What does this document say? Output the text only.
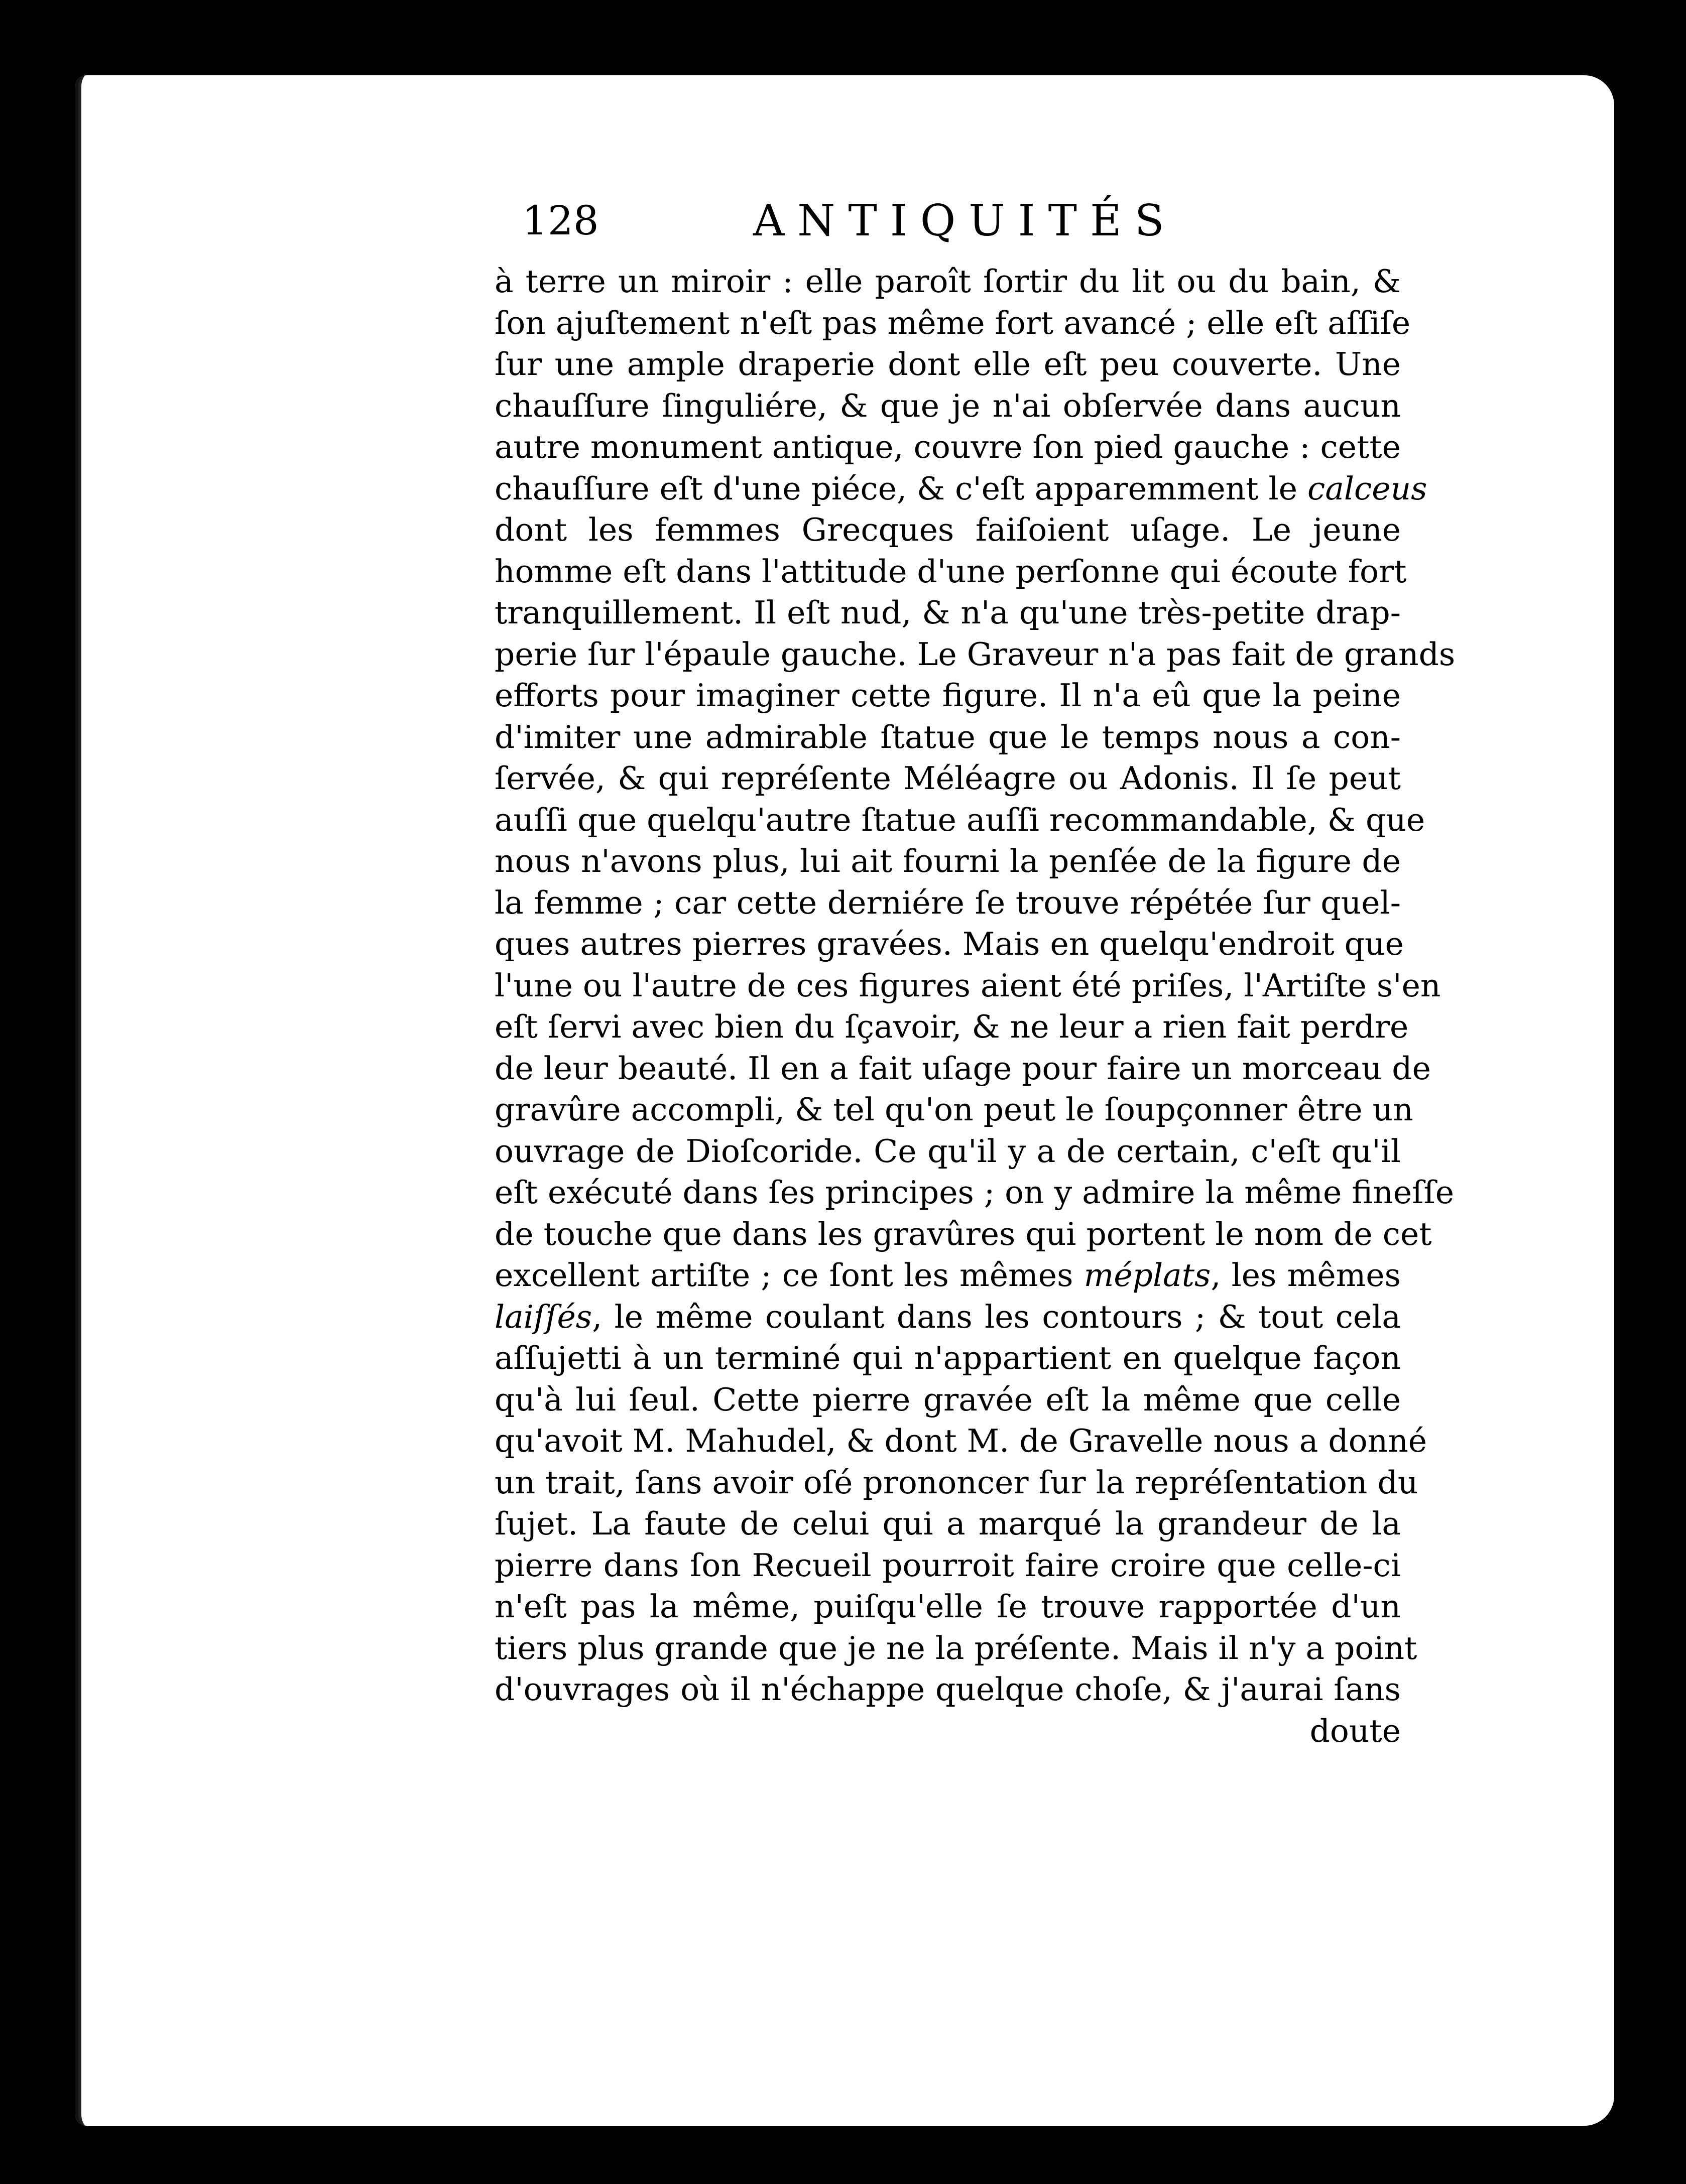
128	ANTIQUITÉS
à terre un miroir : elle paroît ſortir du lit ou du bain, &
ſon ajuſtement n'eſt pas même fort avancé ; elle eſt aſſiſe
ſur une ample draperie dont elle eſt peu couverte. Une
chauſſure ſinguliére, & que je n'ai obſervée dans aucun
autre monument antique, couvre ſon pied gauche : cette
chauſſure eſt d'une piéce, & c'eſt apparemment le calceus
dont les femmes Grecques faiſoient uſage. Le jeune
homme eſt dans l'attitude d'une perſonne qui écoute fort
tranquillement. Il eſt nud, & n'a qu'une très-petite drap-
perie ſur l'épaule gauche. Le Graveur n'a pas fait de grands
efforts pour imaginer cette figure. Il n'a eû que la peine
d'imiter une admirable ſtatue que le temps nous a con-
ſervée, & qui repréſente Méléagre ou Adonis. Il ſe peut
auſſi que quelqu'autre ſtatue auſſi recommandable, & que
nous n'avons plus, lui ait fourni la penſée de la figure de
la femme ; car cette derniére ſe trouve répétée ſur quel-
ques autres pierres gravées. Mais en quelqu'endroit que
l'une ou l'autre de ces figures aient été priſes, l'Artiſte s'en
eſt ſervi avec bien du ſçavoir, & ne leur a rien fait perdre
de leur beauté. Il en a fait uſage pour faire un morceau de
gravûre accompli, & tel qu'on peut le ſoupçonner être un
ouvrage de Dioſcoride. Ce qu'il y a de certain, c'eſt qu'il
eſt exécuté dans ſes principes ; on y admire la même fineſſe
de touche que dans les gravûres qui portent le nom de cet
excellent artiſte ; ce ſont les mêmes méplats, les mêmes
laiſſés, le même coulant dans les contours ; & tout cela
aſſujetti à un terminé qui n'appartient en quelque façon
qu'à lui ſeul. Cette pierre gravée eſt la même que celle
qu'avoit M. Mahudel, & dont M. de Gravelle nous a donné
un trait, ſans avoir oſé prononcer ſur la repréſentation du
ſujet. La faute de celui qui a marqué la grandeur de la
pierre dans ſon Recueil pourroit faire croire que celle-ci
n'eſt pas la même, puiſqu'elle ſe trouve rapportée d'un
tiers plus grande que je ne la préſente. Mais il n'y a point
d'ouvrages où il n'échappe quelque choſe, & j'aurai ſans
doute
